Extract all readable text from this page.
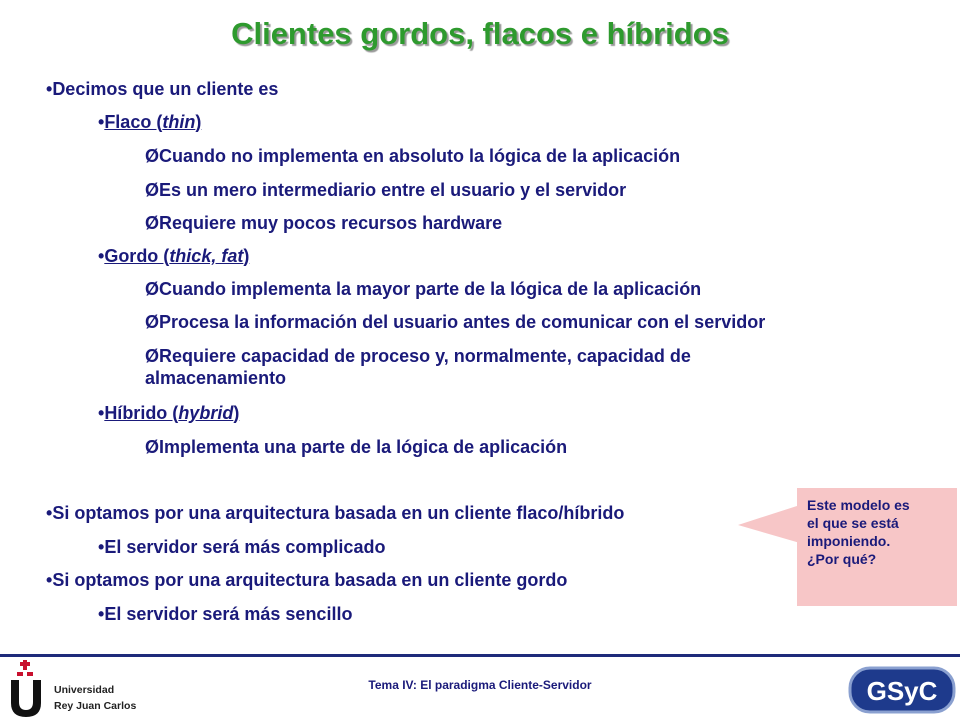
Clientes gordos, flacos e híbridos
• Decimos que un cliente es
• Flaco (thin)
Ø Cuando no implementa en absoluto la lógica de la aplicación
Ø Es un mero intermediario entre el usuario y el servidor
Ø Requiere muy pocos recursos hardware
• Gordo (thick, fat)
Ø Cuando implementa la mayor parte de la lógica de la aplicación
Ø Procesa la información del usuario antes de comunicar con el servidor
Ø Requiere capacidad de proceso y, normalmente, capacidad de almacenamiento
• Híbrido (hybrid)
Ø Implementa una parte de la lógica de aplicación
• Si optamos por una arquitectura basada en un cliente flaco/híbrido
• El servidor será más complicado
• Si optamos por una arquitectura basada en un cliente gordo
• El servidor será más sencillo

Este modelo es
el que se está
imponiendo.
¿Por qué?

Universidad
Rey Juan Carlos
Tema IV: El paradigma Cliente-Servidor	GSyC
